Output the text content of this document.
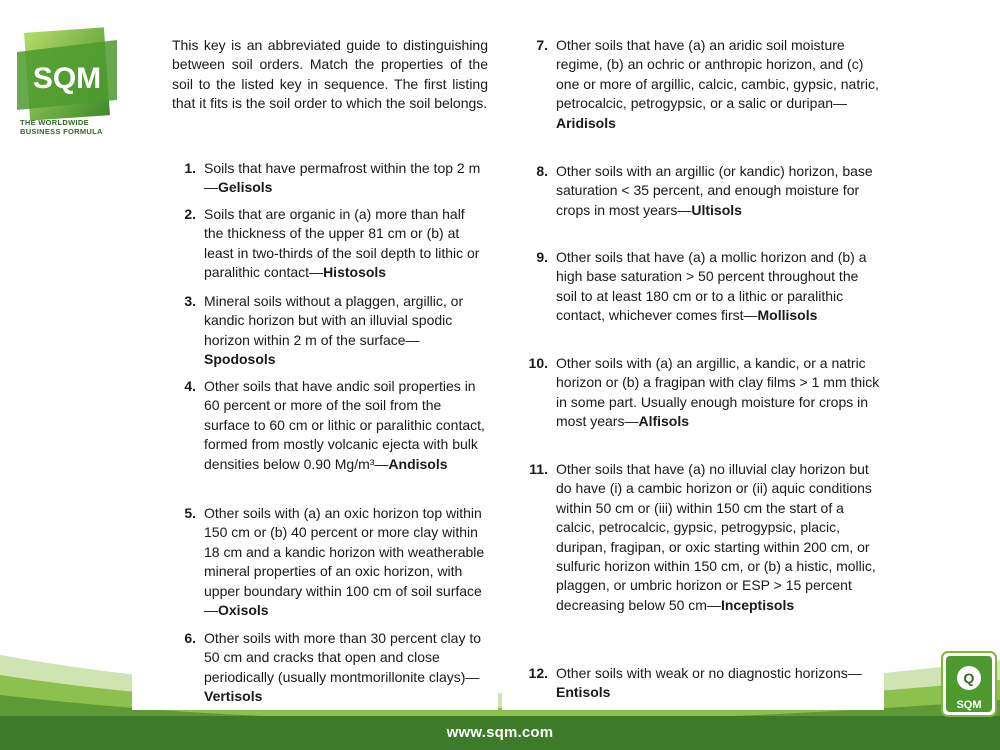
www.sqm.com
SQM
THE WORLDWIDE
BUSINESS FORMULA
Q
SQM
This key is an abbreviated guide to distinguishing between soil orders. Match the properties of the soil to the listed key in sequence. The first listing that it fits is the soil order to which the soil belongs.
1. Soils that have permafrost within the top 2 m—Gelisols
2. Soils that are organic in (a) more than half the thickness of the upper 81 cm or (b) at least in two-thirds of the soil depth to lithic or paralithic contact—Histosols
3. Mineral soils without a plaggen, argillic, or kandic horizon but with an illuvial spodic horizon within 2 m of the surface—Spodosols
4. Other soils that have andic soil properties in 60 percent or more of the soil from the surface to 60 cm or lithic or paralithic contact, formed from mostly volcanic ejecta with bulk densities below 0.90 Mg/m³—Andisols
5. Other soils with (a) an oxic horizon top within 150 cm or (b) 40 percent or more clay within 18 cm and a kandic horizon with weatherable mineral properties of an oxic horizon, with upper boundary within 100 cm of soil surface—Oxisols
6. Other soils with more than 30 percent clay to 50 cm and cracks that open and close periodically (usually montmorillonite clays)—Vertisols
7. Other soils that have (a) an aridic soil moisture regime, (b) an ochric or anthropic horizon, and (c) one or more of argillic, calcic, cambic, gypsic, natric, petrocalcic, petrogypsic, or a salic or duripan—Aridisols
8. Other soils with an argillic (or kandic) horizon, base saturation < 35 percent, and enough moisture for crops in most years—Ultisols
9. Other soils that have (a) a mollic horizon and (b) a high base saturation > 50 percent throughout the soil to at least 180 cm or to a lithic or paralithic contact, whichever comes first—Mollisols
10. Other soils with (a) an argillic, a kandic, or a natric horizon or (b) a fragipan with clay films > 1 mm thick in some part. Usually enough moisture for crops in most years—Alfisols
11. Other soils that have (a) no illuvial clay horizon but do have (i) a cambic horizon or (ii) aquic conditions within 50 cm or (iii) within 150 cm the start of a calcic, petrocalcic, gypsic, petrogypsic, placic, duripan, fragipan, or oxic starting within 200 cm, or sulfuric horizon within 150 cm, or (b) a histic, mollic, plaggen, or umbric horizon or ESP > 15 percent decreasing below 50 cm—Inceptisols
12. Other soils with weak or no diagnostic horizons—Entisols
